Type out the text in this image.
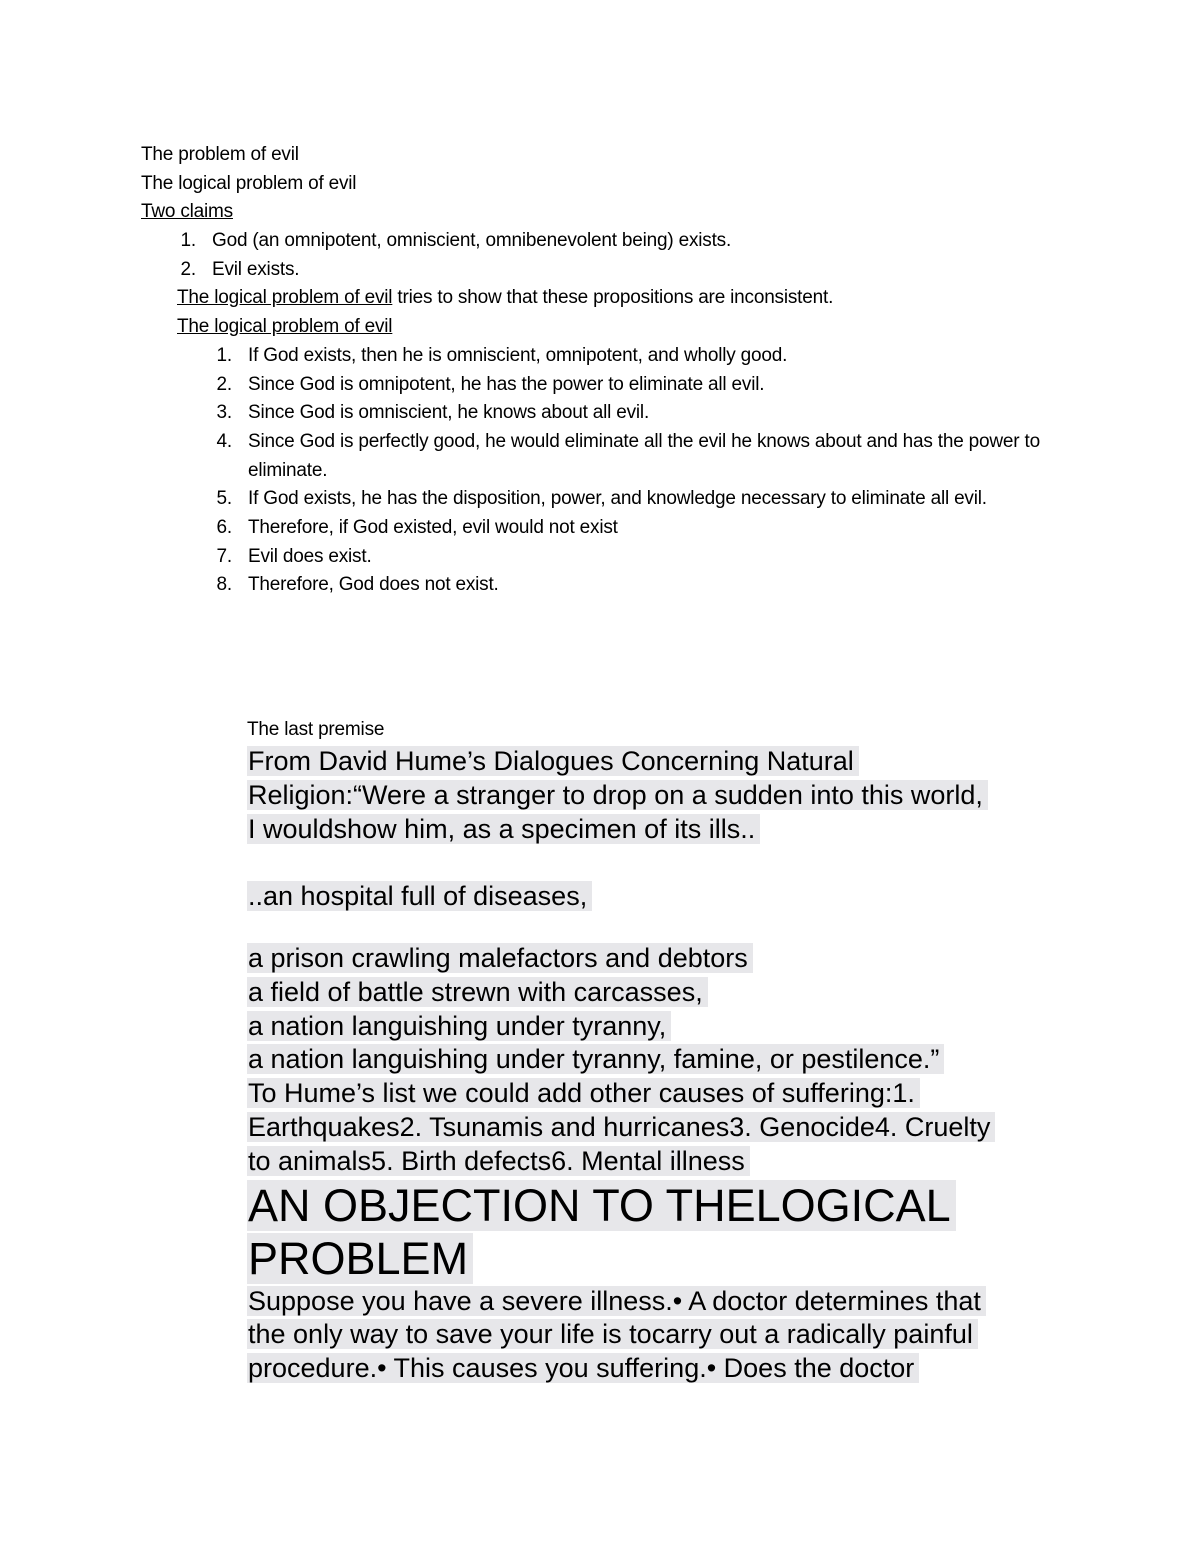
The problem of evil
The logical problem of evil
Two claims
1. God (an omnipotent, omniscient, omnibenevolent being) exists.
2. Evil exists.
The logical problem of evil tries to show that these propositions are inconsistent.
The logical problem of evil
1. If God exists, then he is omniscient, omnipotent, and wholly good.
2. Since God is omnipotent, he has the power to eliminate all evil.
3. Since God is omniscient, he knows about all evil.
4. Since God is perfectly good, he would eliminate all the evil he knows about and has the power to eliminate.
5. If God exists, he has the disposition, power, and knowledge necessary to eliminate all evil.
6. Therefore, if God existed, evil would not exist
7. Evil does exist.
8. Therefore, God does not exist.
The last premise

From David Hume’s Dialogues Concerning Natural
Religion:“Were a stranger to drop on a sudden into this world,
I wouldshow him, as a specimen of its ills..

..an hospital full of diseases,

a prison crawling malefactors and debtors
a field of battle strewn with carcasses,
a nation languishing under tyranny,
a nation languishing under tyranny, famine, or pestilence.”
To Hume’s list we could add other causes of suffering:1.
Earthquakes2. Tsunamis and hurricanes3. Genocide4. Cruelty
to animals5. Birth defects6. Mental illness

AN OBJECTION TO THELOGICAL
PROBLEM

Suppose you have a severe illness.• A doctor determines that
the only way to save your life is tocarry out a radically painful
procedure.• This causes you suffering.• Does the doctor
